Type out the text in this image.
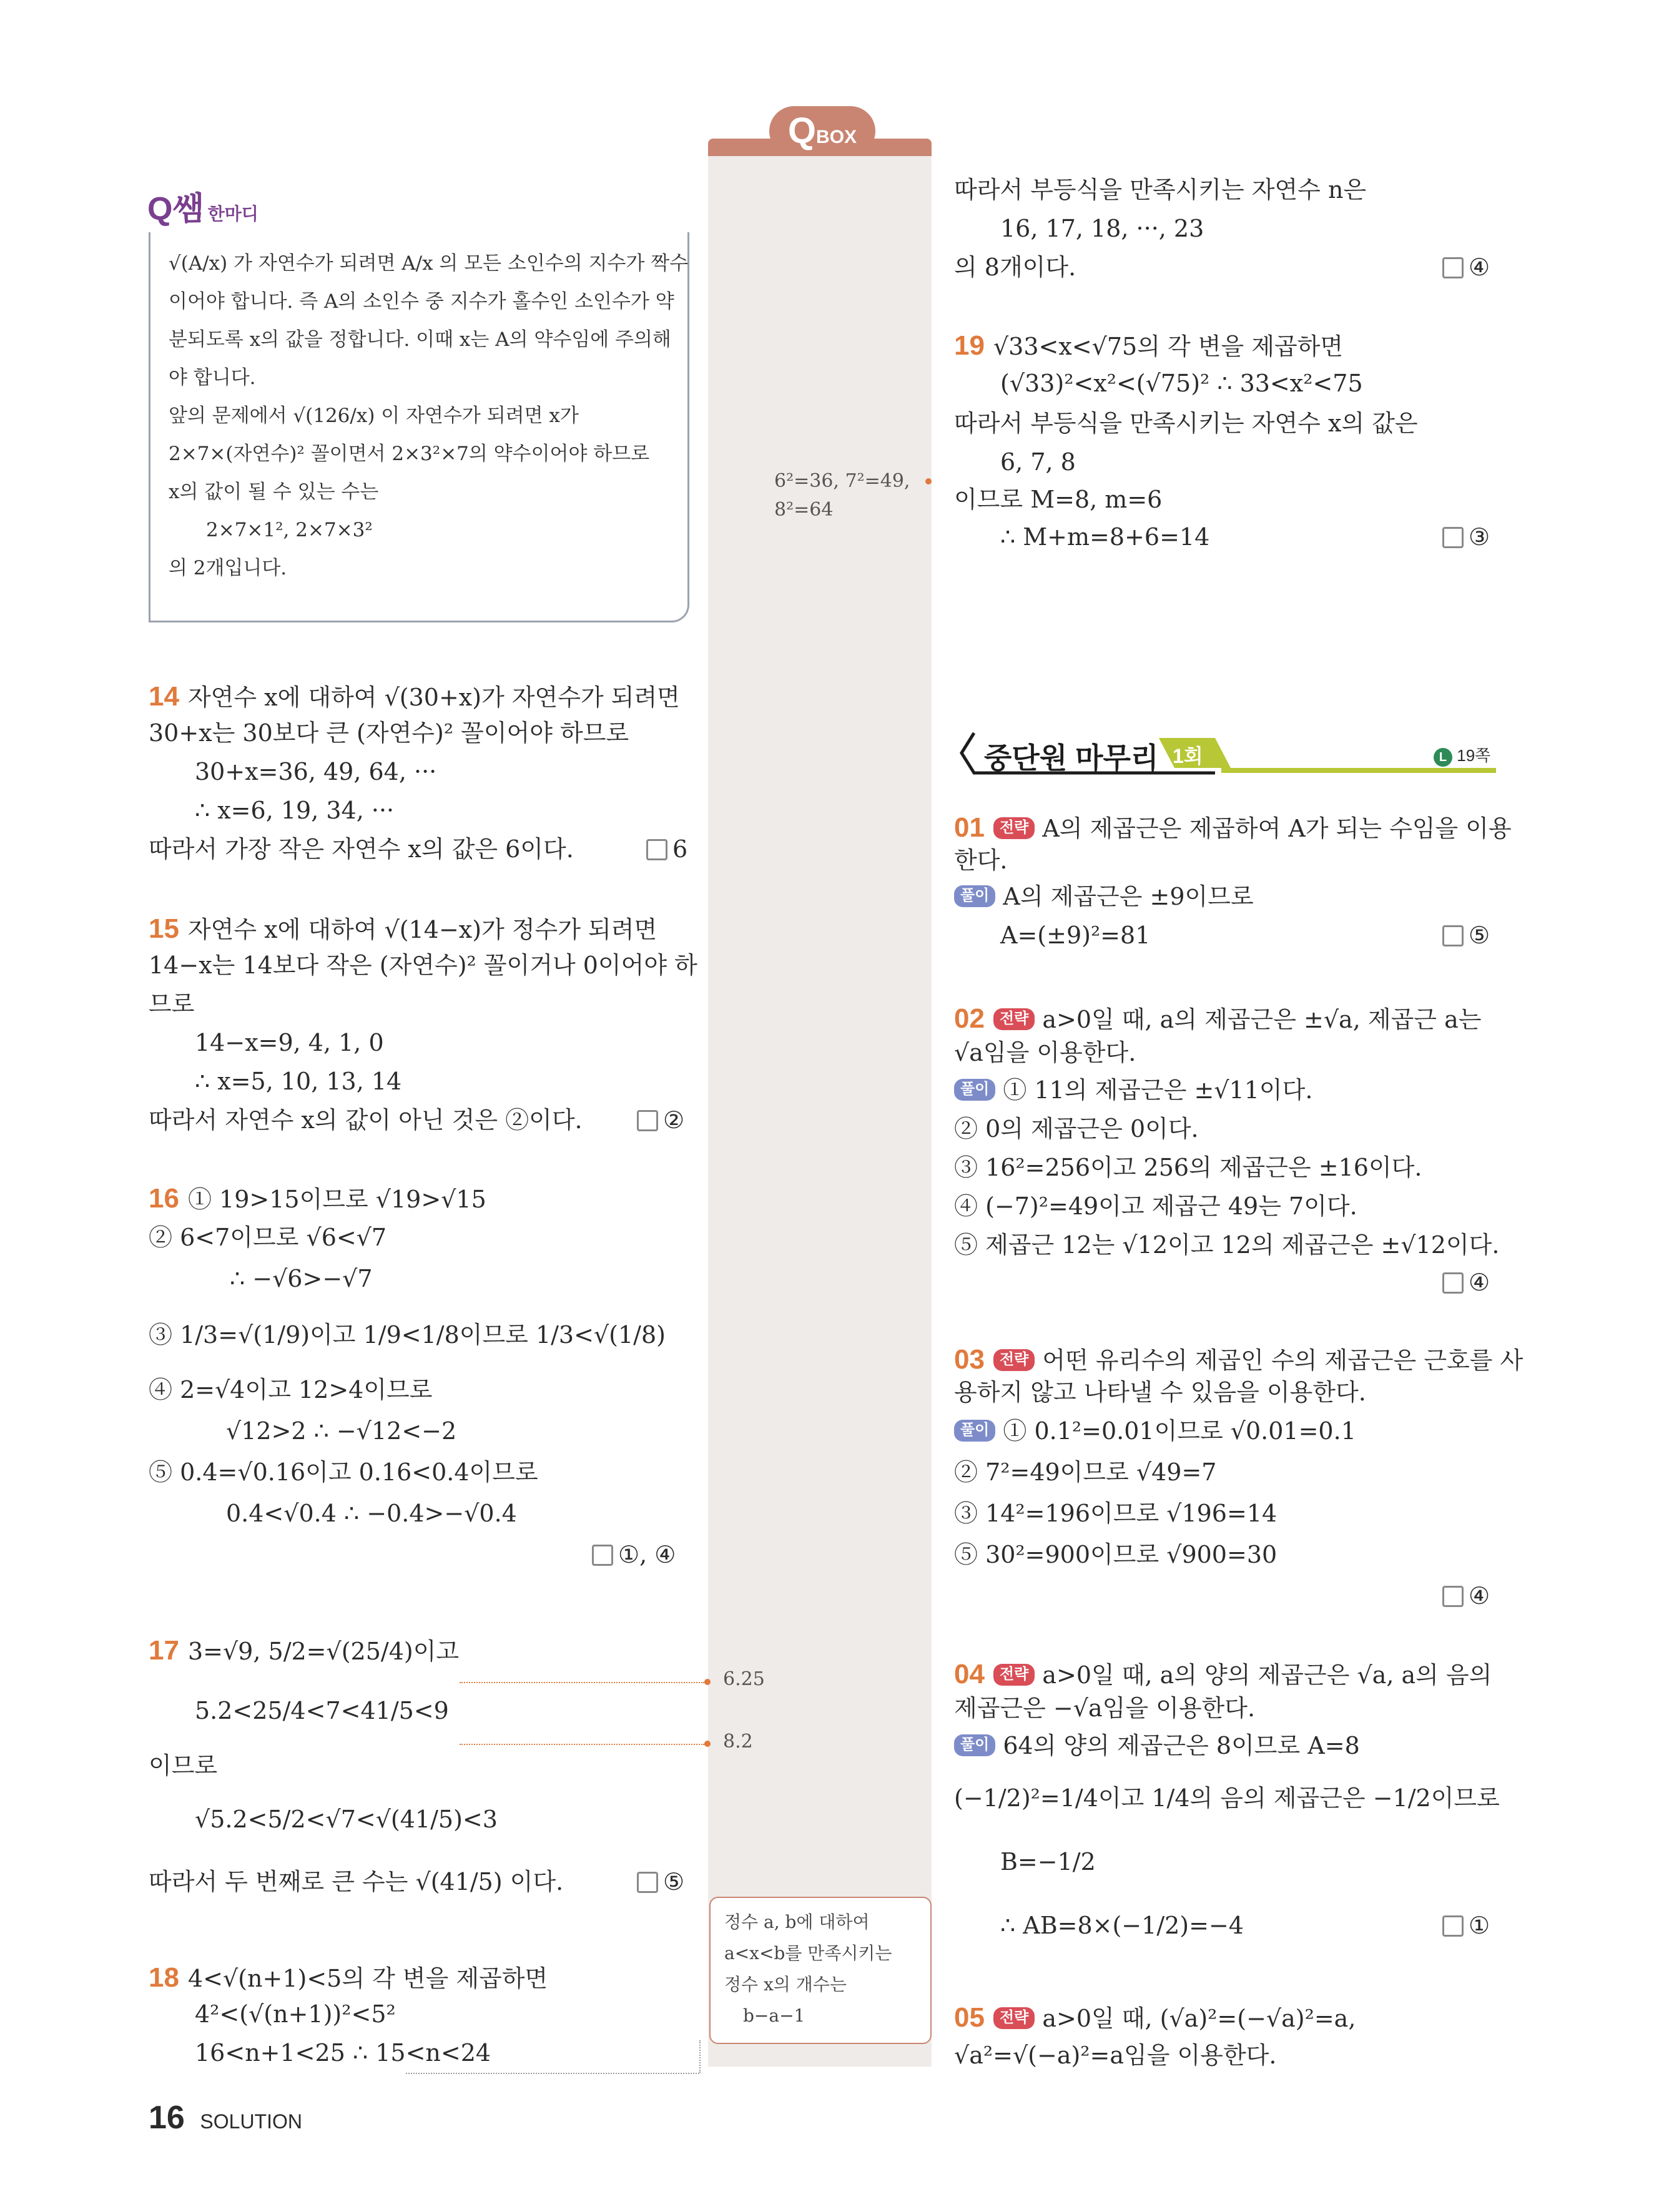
QBOX
Q쌤 한마디
√(A/x) 가 자연수가 되려면 A/x 의 모든 소인수의 지수가 짝수
이어야 합니다. 즉 A의 소인수 중 지수가 홀수인 소인수가 약
분되도록 x의 값을 정합니다. 이때 x는 A의 약수임에 주의해
야 합니다.
앞의 문제에서 √(126/x) 이 자연수가 되려면 x가
2×7×(자연수)² 꼴이면서 2×3²×7의 약수이어야 하므로
x의 값이 될 수 있는 수는
2×7×1², 2×7×3²
의 2개입니다.
14 자연수 x에 대하여 √(30+x)가 자연수가 되려면
30+x는 30보다 큰 (자연수)² 꼴이어야 하므로
30+x=36, 49, 64, ···
∴ x=6, 19, 34, ···
따라서 가장 작은 자연수 x의 값은 6이다.	6
15 자연수 x에 대하여 √(14−x)가 정수가 되려면
14−x는 14보다 작은 (자연수)² 꼴이거나 0이어야 하
므로
14−x=9, 4, 1, 0
∴ x=5, 10, 13, 14
따라서 자연수 x의 값이 아닌 것은 ②이다.	②
16 ① 19>15이므로 √19>√15
② 6<7이므로 √6<√7
∴ −√6>−√7
③ 1/3=√(1/9)이고 1/9<1/8이므로 1/3<√(1/8)
④ 2=√4이고 12>4이므로
√12>2 ∴ −√12<−2
⑤ 0.4=√0.16이고 0.16<0.4이므로
0.4<√0.4 ∴ −0.4>−√0.4
①, ④
17 3=√9, 5/2=√(25/4)이고
5.2<25/4<7<41/5<9
이므로
√5.2<5/2<√7<√(41/5)<3
따라서 두 번째로 큰 수는 √(41/5) 이다.	⑤
18 4<√(n+1)<5의 각 변을 제곱하면
4²<(√(n+1))²<5²
16<n+1<25 ∴ 15<n<24
16 SOLUTION
6²=36, 7²=49,
8²=64
6.25
8.2
정수 a, b에 대하여
a<x<b를 만족시키는
정수 x의 개수는
b−a−1
따라서 부등식을 만족시키는 자연수 n은
16, 17, 18, ···, 23
의 8개이다.	④
19 √33<x<√75의 각 변을 제곱하면
(√33)²<x²<(√75)² ∴ 33<x²<75
따라서 부등식을 만족시키는 자연수 x의 값은
6, 7, 8
이므로 M=8, m=6
∴ M+m=8+6=14	③
중단원 마무리 1회	L 19쪽
01 전략 A의 제곱근은 제곱하여 A가 되는 수임을 이용
한다.
풀이 A의 제곱근은 ±9이므로
A=(±9)²=81	⑤
02 전략 a>0일 때, a의 제곱근은 ±√a, 제곱근 a는
√a임을 이용한다.
풀이 ① 11의 제곱근은 ±√11이다.
② 0의 제곱근은 0이다.
③ 16²=256이고 256의 제곱근은 ±16이다.
④ (−7)²=49이고 제곱근 49는 7이다.
⑤ 제곱근 12는 √12이고 12의 제곱근은 ±√12이다.
④
03 전략 어떤 유리수의 제곱인 수의 제곱근은 근호를 사
용하지 않고 나타낼 수 있음을 이용한다.
풀이 ① 0.1²=0.01이므로 √0.01=0.1
② 7²=49이므로 √49=7
③ 14²=196이므로 √196=14
⑤ 30²=900이므로 √900=30
④
04 전략 a>0일 때, a의 양의 제곱근은 √a, a의 음의
제곱근은 −√a임을 이용한다.
풀이 64의 양의 제곱근은 8이므로 A=8
(−1/2)²=1/4이고 1/4의 음의 제곱근은 −1/2이므로
B=−1/2
∴ AB=8×(−1/2)=−4	①
05 전략 a>0일 때, (√a)²=(−√a)²=a,
√a²=√(−a)²=a임을 이용한다.
